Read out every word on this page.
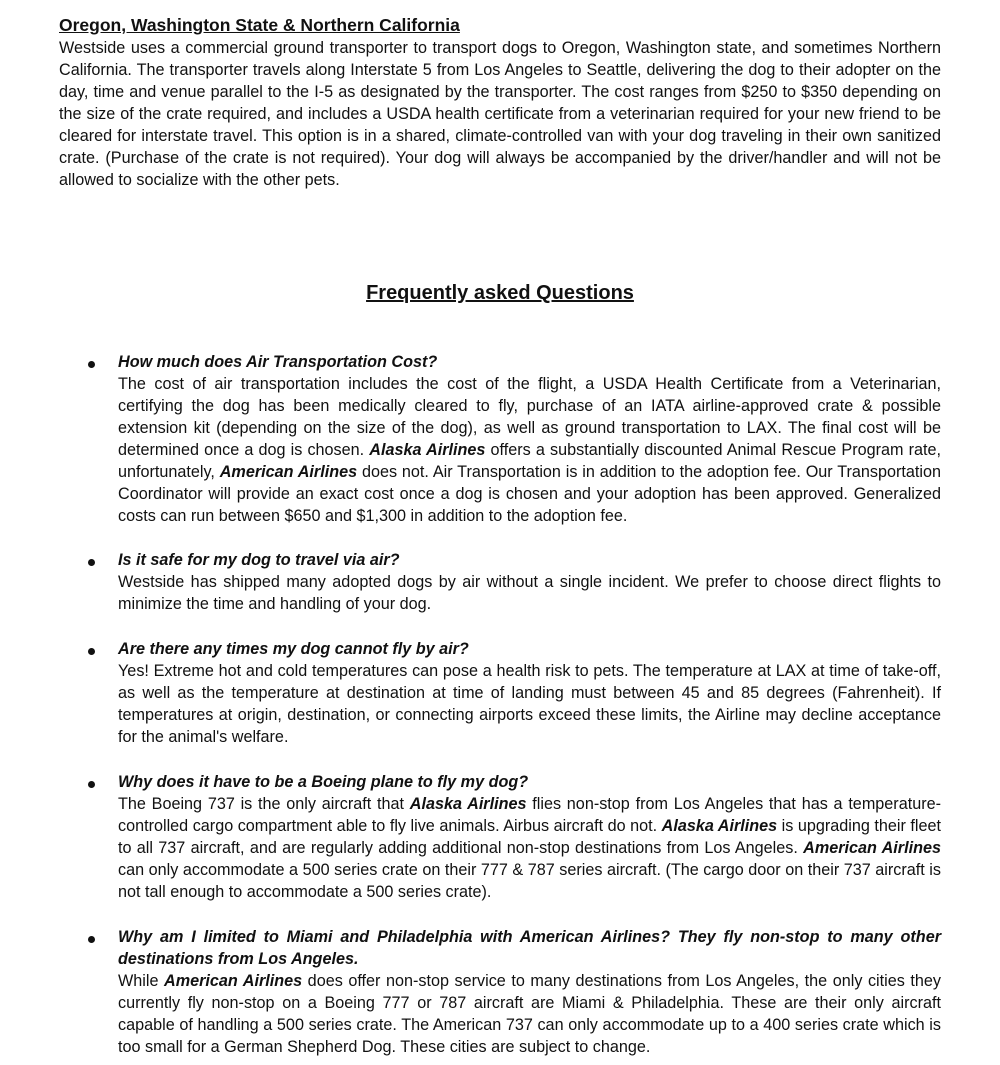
Oregon, Washington State & Northern California

Westside uses a commercial ground transporter to transport dogs to Oregon, Washington state, and sometimes Northern California. The transporter travels along Interstate 5 from Los Angeles to Seattle, delivering the dog to their adopter on the day, time and venue parallel to the I-5 as designated by the transporter. The cost ranges from $250 to $350 depending on the size of the crate required, and includes a USDA health certificate from a veterinarian required for your new friend to be cleared for interstate travel. This option is in a shared, climate-controlled van with your dog traveling in their own sanitized crate. (Purchase of the crate is not required). Your dog will always be accompanied by the driver/handler and will not be allowed to socialize with the other pets.

Frequently asked Questions

How much does Air Transportation Cost?

The cost of air transportation includes the cost of the flight, a USDA Health Certificate from a Veterinarian, certifying the dog has been medically cleared to fly, purchase of an IATA airline-approved crate & possible extension kit (depending on the size of the dog), as well as ground transportation to LAX. The final cost will be determined once a dog is chosen. Alaska Airlines offers a substantially discounted Animal Rescue Program rate, unfortunately, American Airlines does not. Air Transportation is in addition to the adoption fee. Our Transportation Coordinator will provide an exact cost once a dog is chosen and your adoption has been approved. Generalized costs can run between $650 and $1,300 in addition to the adoption fee.

Is it safe for my dog to travel via air?

Westside has shipped many adopted dogs by air without a single incident. We prefer to choose direct flights to minimize the time and handling of your dog.

Are there any times my dog cannot fly by air?

Yes! Extreme hot and cold temperatures can pose a health risk to pets. The temperature at LAX at time of take-off, as well as the temperature at destination at time of landing must between 45 and 85 degrees (Fahrenheit). If temperatures at origin, destination, or connecting airports exceed these limits, the Airline may decline acceptance for the animal's welfare.

Why does it have to be a Boeing plane to fly my dog?

The Boeing 737 is the only aircraft that Alaska Airlines flies non-stop from Los Angeles that has a temperature-controlled cargo compartment able to fly live animals. Airbus aircraft do not. Alaska Airlines is upgrading their fleet to all 737 aircraft, and are regularly adding additional non-stop destinations from Los Angeles. American Airlines can only accommodate a 500 series crate on their 777 & 787 series aircraft. (The cargo door on their 737 aircraft is not tall enough to accommodate a 500 series crate).

Why am I limited to Miami and Philadelphia with American Airlines? They fly non-stop to many other destinations from Los Angeles.

While American Airlines does offer non-stop service to many destinations from Los Angeles, the only cities they currently fly non-stop on a Boeing 777 or 787 aircraft are Miami & Philadelphia. These are their only aircraft capable of handling a 500 series crate. The American 737 can only accommodate up to a 400 series crate which is too small for a German Shepherd Dog. These cities are subject to change.
